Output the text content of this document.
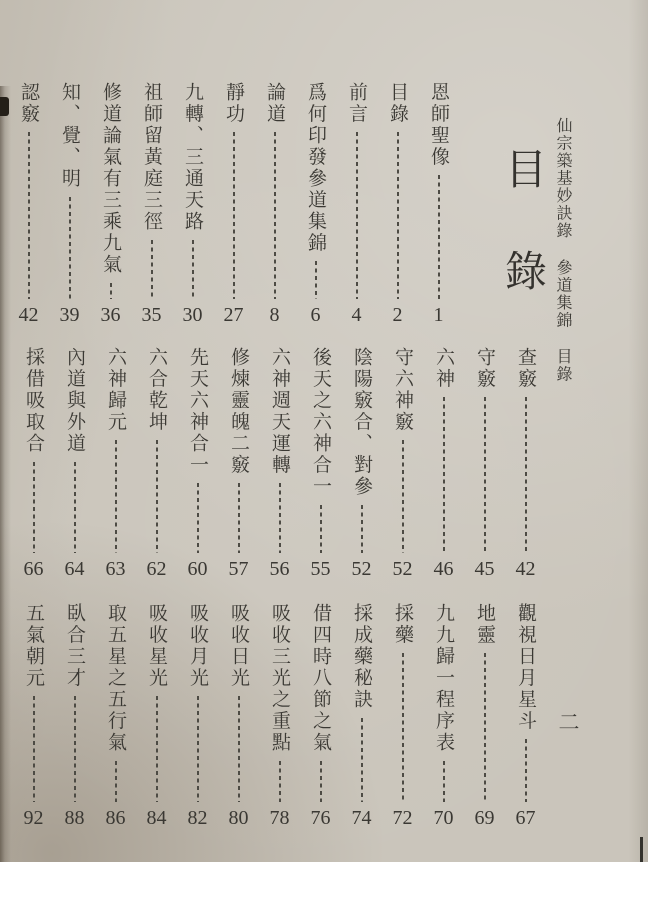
仙宗築基妙訣錄
參道集錦
目錄
目錄
二
恩師聖像
1
目錄
2
前言
4
爲何印發參道集錦
6
論道
8
靜功
27
九轉、三通天路
30
祖師留黃庭三徑
35
修道論氣有三乘九氣
36
知、覺、明
39
認竅
42
查竅
42
守竅
45
六神
46
守六神竅
52
陰陽竅合、對參
52
後天之六神合一
55
六神週天運轉
56
修煉靈魄二竅
57
先天六神合一
60
六合乾坤
62
六神歸元
63
內道與外道
64
採借吸取合
66
觀視日月星斗
67
地靈
69
九九歸一程序表
70
採藥
72
採成藥秘訣
74
借四時八節之氣
76
吸收三光之重點
78
吸收日光
80
吸收月光
82
吸收星光
84
取五星之五行氣
86
臥合三才
88
五氣朝元
92
